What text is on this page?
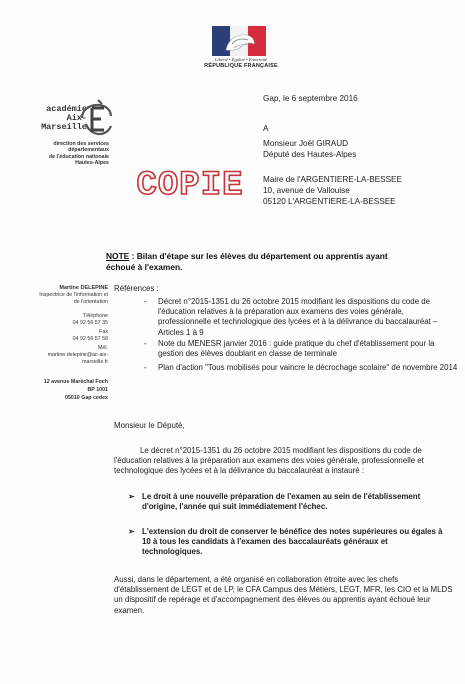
Liberté • Égalité • Fraternité
RÉPUBLIQUE FRANÇAISE
académie
Aix-Marseille
direction des services
départementaux
de l'éducation nationale
Hautes-Alpes
Gap, le 6 septembre 2016
A
Monsieur Joël GIRAUD
Député des Hautes-Alpes
Maire de l'ARGENTIERE-LA-BESSEE
10, avenue de Vallouise
05120 L'ARGENTIERE-LA-BESSEE
COPIE
NOTE : Bilan d'étape sur les élèves du département ou apprentis ayant échoué à l'examen.
Martine DELEPINE
Inspectrice de l'information et
de l'orientation
Téléphone
04 92 56 57 35
Fax
04 92 56 57 58
Mél.
martine.delepine@ac-aix-
marseille.fr
12 avenue Maréchal Foch
BP 1001
05010 Gap cedex
Références :
- Décret n°2015-1351 du 26 octobre 2015 modifiant les dispositions du code de l'éducation relatives à la préparation aux examens des voies générale, professionnelle et technologique des lycées et à la délivrance du baccalauréat – Articles 1 à 9
- Note du MENESR janvier 2016 : guide pratique du chef d'établissement pour la gestion des élèves doublant en classe de terminale
- Plan d'action "Tous mobilisés pour vaincre le décrochage scolaire" de novembre 2014
Monsieur le Député,
Le décret n°2015-1351 du 26 octobre 2015 modifiant les dispositions du code de l'éducation relatives à la préparation aux examens des voies générale, professionnelle et technologique des lycées et à la délivrance du baccalauréat a instauré :
➢ Le droit à une nouvelle préparation de l'examen au sein de l'établissement d'origine, l'année qui suit immédiatement l'échec.
➢ L'extension du droit de conserver le bénéfice des notes supérieures ou égales à 10 à tous les candidats à l'examen des baccalauréats généraux et technologiques.
Aussi, dans le département, a été organisé en collaboration étroite avec les chefs d'établissement de LEGT et de LP, le CFA Campus des Métiers, LEGT, MFR, les CIO et la MLDS un dispositif de repérage et d'accompagnement des élèves ou apprentis ayant échoué leur examen.
